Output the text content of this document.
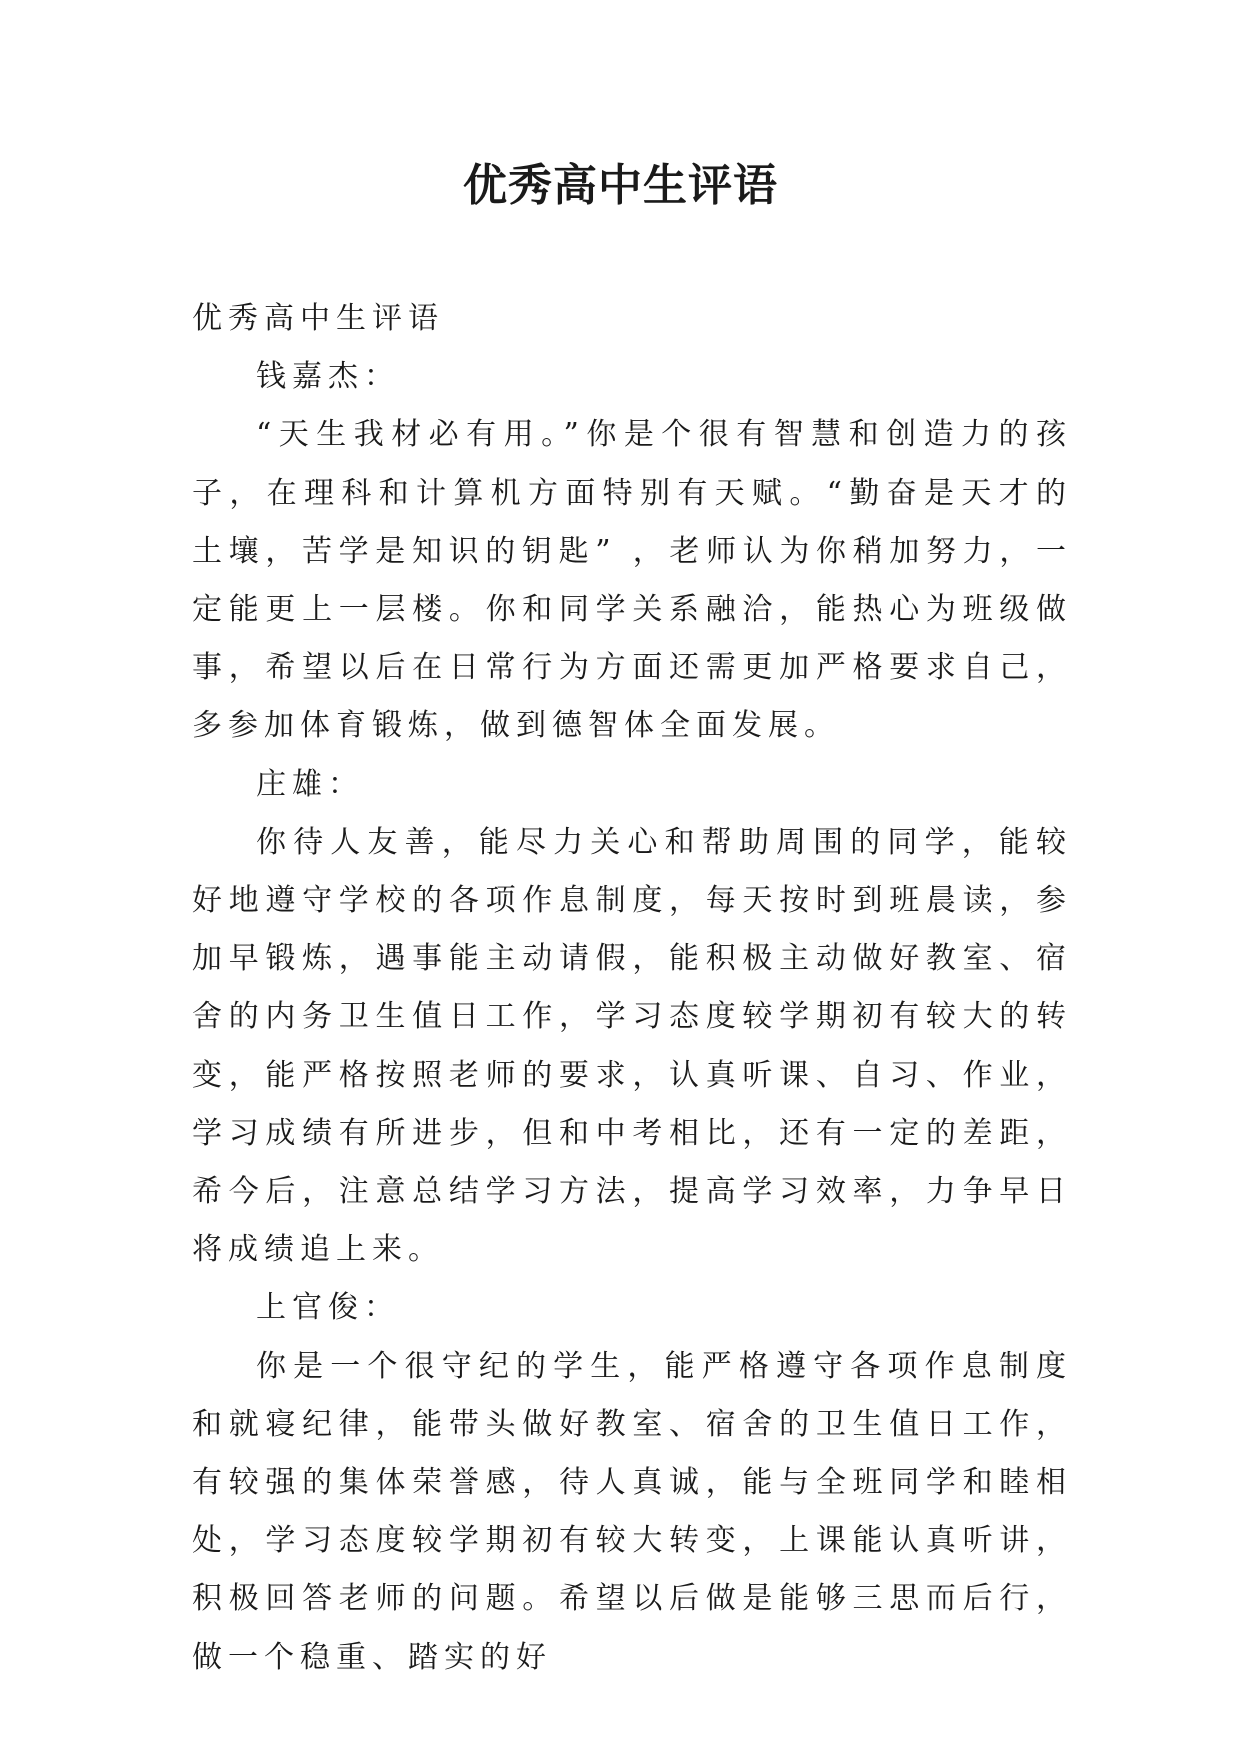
优秀高中生评语

优秀高中生评语

钱嘉杰：

“天生我材必有用。”你是个很有智慧和创造力的孩子，在理科和计算机方面特别有天赋。“勤奋是天才的土壤，苦学是知识的钥匙” ，老师认为你稍加努力，一定能更上一层楼。你和同学关系融洽，能热心为班级做事，希望以后在日常行为方面还需更加严格要求自己，多参加体育锻炼，做到德智体全面发展。

庄雄：

你待人友善，能尽力关心和帮助周围的同学，能较好地遵守学校的各项作息制度，每天按时到班晨读，参加早锻炼，遇事能主动请假，能积极主动做好教室、宿舍的内务卫生值日工作，学习态度较学期初有较大的转变，能严格按照老师的要求，认真听课、自习、作业，学习成绩有所进步，但和中考相比，还有一定的差距，希今后，注意总结学习方法，提高学习效率，力争早日将成绩追上来。

上官俊：

你是一个很守纪的学生，能严格遵守各项作息制度和就寝纪律，能带头做好教室、宿舍的卫生值日工作，有较强的集体荣誉感，待人真诚，能与全班同学和睦相处，学习态度较学期初有较大转变，上课能认真听讲，积极回答老师的问题。希望以后做是能够三思而后行，做一个稳重、踏实的好
